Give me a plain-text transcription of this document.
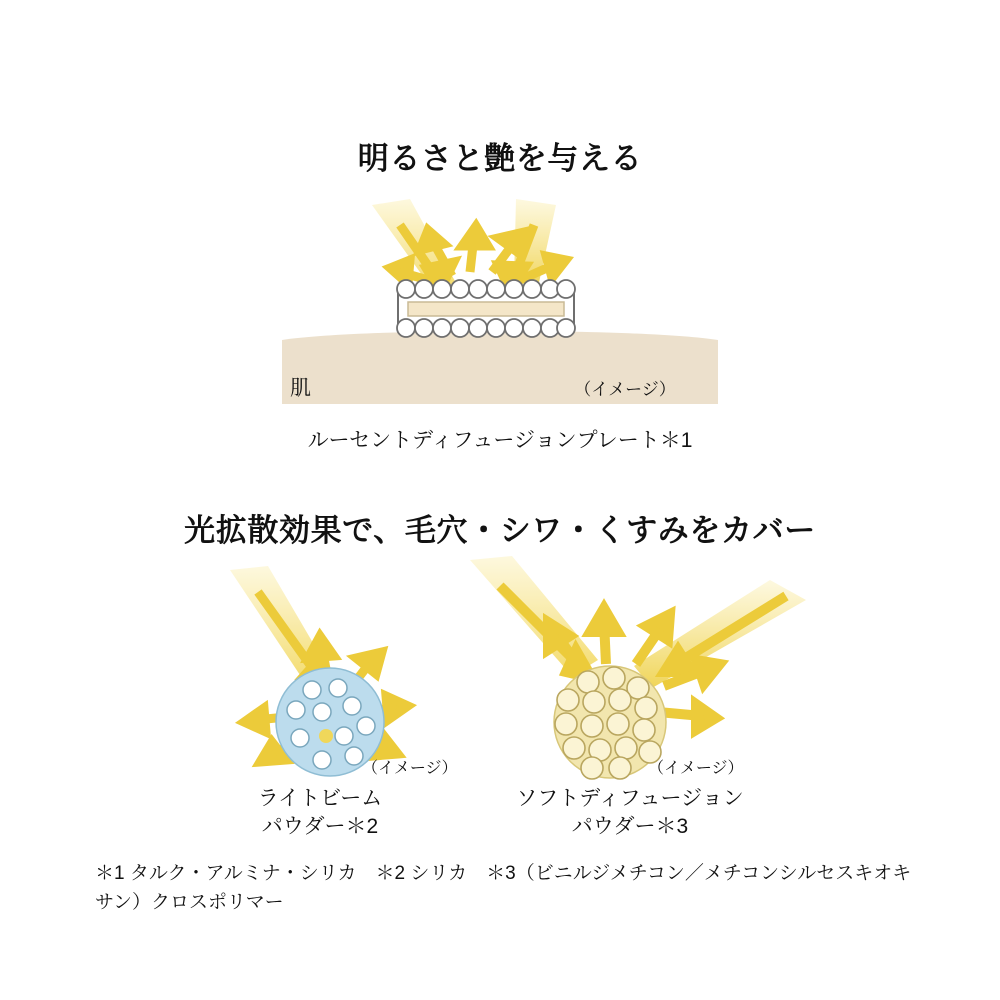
明るさと艶を与える
肌	（イメージ）
ルーセントディフュージョンプレート＊1
光拡散効果で、毛穴・シワ・くすみをカバー
（イメージ）	（イメージ）
ライトビーム
パウダー＊2
ソフトディフュージョン
パウダー＊3
＊1 タルク・アルミナ・シリカ　＊2 シリカ　＊3（ビニルジメチコン／メチコンシルセスキオキサン）クロスポリマー
